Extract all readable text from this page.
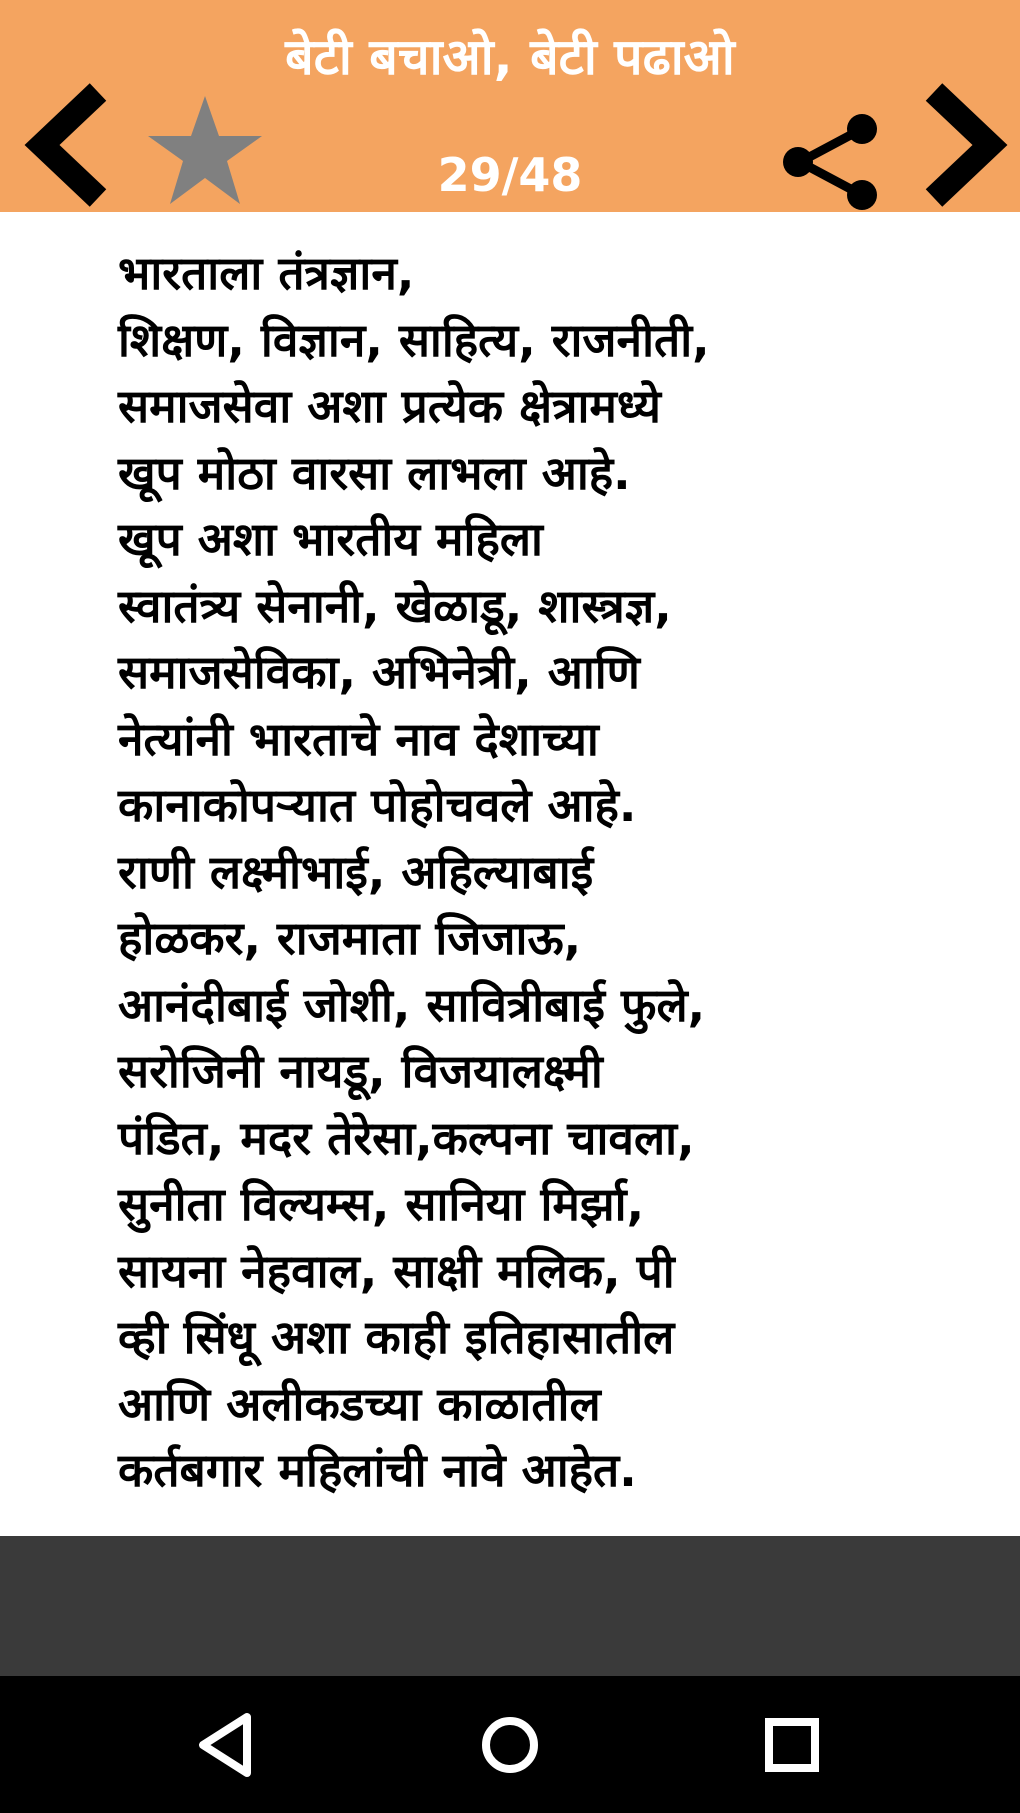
बेटी बचाओ, बेटी पढाओ
29/48

भारताला तंत्रज्ञान,
शिक्षण, विज्ञान, साहित्य, राजनीती,
समाजसेवा अशा प्रत्येक क्षेत्रामध्ये
खूप मोठा वारसा लाभला आहे.
खूप अशा भारतीय महिला
स्वातंत्र्य सेनानी, खेळाडू, शास्त्रज्ञ,
समाजसेविका, अभिनेत्री, आणि
नेत्यांनी भारताचे नाव देशाच्या
कानाकोपऱ्यात पोहोचवले आहे.
राणी लक्ष्मीभाई, अहिल्याबाई
होळकर, राजमाता जिजाऊ,
आनंदीबाई जोशी, सावित्रीबाई फुले,
सरोजिनी नायडू, विजयालक्ष्मी
पंडित, मदर तेरेसा,कल्पना चावला,
सुनीता विल्यम्स, सानिया मिर्झा,
सायना नेहवाल, साक्षी मलिक, पी
व्ही सिंधू अशा काही इतिहासातील
आणि अलीकडच्या काळातील
कर्तबगार महिलांची नावे आहेत.
